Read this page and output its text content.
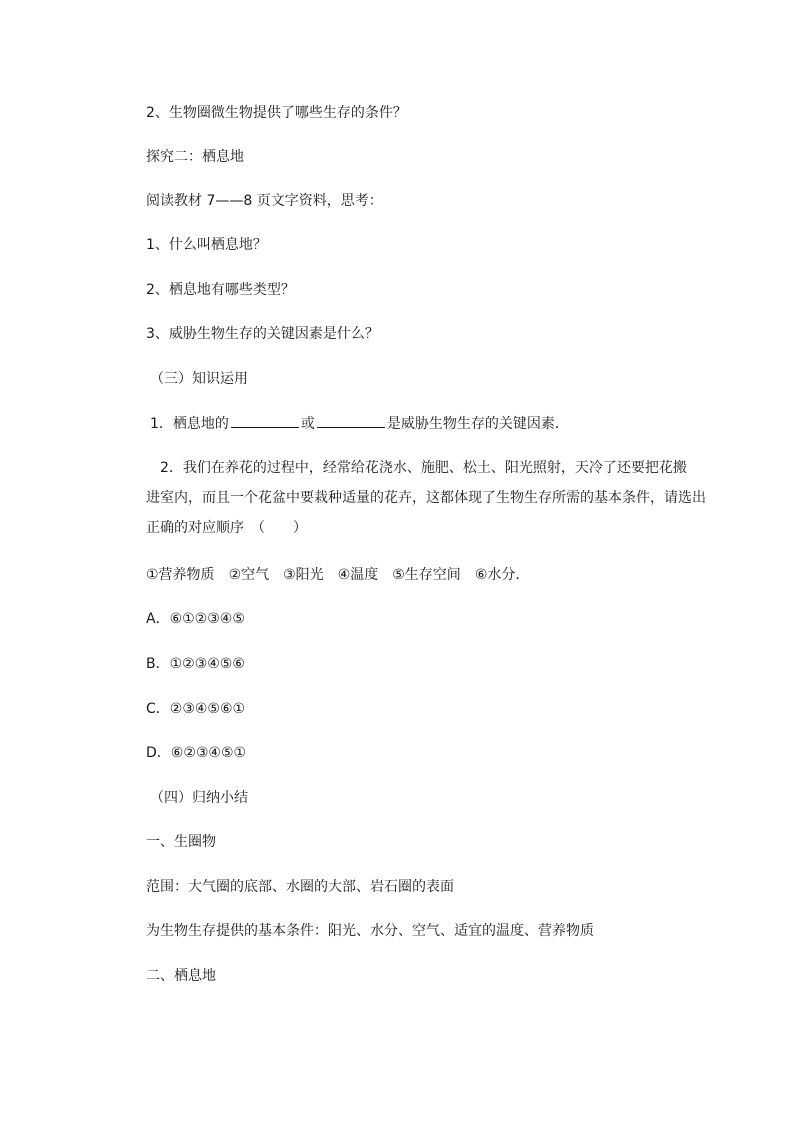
2、生物圈微生物提供了哪些生存的条件？
探究二：栖息地
阅读教材 7——8 页文字资料，思考：
1、什么叫栖息地？
2、栖息地有哪些类型？
3、威胁生物生存的关键因素是什么？
（三）知识运用
1．栖息地的	或	是威胁生物生存的关键因素．
2．我们在养花的过程中，经常给花浇水、施肥、松土、阳光照射，天冷了还要把花搬
进室内，而且一个花盆中要栽种适量的花卉，这都体现了生物生存所需的基本条件，请选出
正确的对应顺序　（　　）
①营养物质 ②空气 ③阳光 ④温度 ⑤生存空间 ⑥水分．
A．⑥①②③④⑤
B．①②③④⑤⑥
C．②③④⑤⑥①
D．⑥②③④⑤①
（四）归纳小结
一、生圈物
范围：大气圈的底部、水圈的大部、岩石圈的表面
为生物生存提供的基本条件：阳光、水分、空气、适宜的温度、营养物质
二、栖息地
